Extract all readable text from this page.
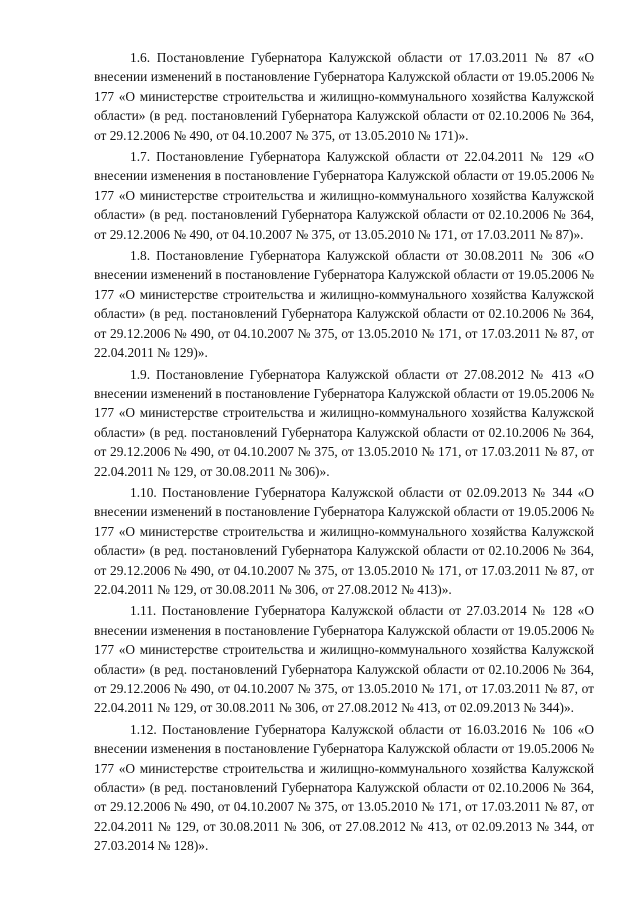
1.6. Постановление Губернатора Калужской области от 17.03.2011 № 87 «О внесении изменений в постановление Губернатора Калужской области от 19.05.2006 № 177 «О министерстве строительства и жилищно-коммунального хозяйства Калужской области» (в ред. постановлений Губернатора Калужской области от 02.10.2006 № 364, от 29.12.2006 № 490, от 04.10.2007 № 375, от 13.05.2010 № 171)».

1.7. Постановление Губернатора Калужской области от 22.04.2011 № 129 «О внесении изменения в постановление Губернатора Калужской области от 19.05.2006 № 177 «О министерстве строительства и жилищно-коммунального хозяйства Калужской области» (в ред. постановлений Губернатора Калужской области от 02.10.2006 № 364, от 29.12.2006 № 490, от 04.10.2007 № 375, от 13.05.2010 № 171, от 17.03.2011 № 87)».

1.8. Постановление Губернатора Калужской области от 30.08.2011 № 306 «О внесении изменений в постановление Губернатора Калужской области от 19.05.2006 № 177 «О министерстве строительства и жилищно-коммунального хозяйства Калужской области» (в ред. постановлений Губернатора Калужской области от 02.10.2006 № 364, от 29.12.2006 № 490, от 04.10.2007 № 375, от 13.05.2010 № 171, от 17.03.2011 № 87, от 22.04.2011 № 129)».

1.9. Постановление Губернатора Калужской области от 27.08.2012 № 413 «О внесении изменений в постановление Губернатора Калужской области от 19.05.2006 № 177 «О министерстве строительства и жилищно-коммунального хозяйства Калужской области» (в ред. постановлений Губернатора Калужской области от 02.10.2006 № 364, от 29.12.2006 № 490, от 04.10.2007 № 375, от 13.05.2010 № 171, от 17.03.2011 № 87, от 22.04.2011 № 129, от 30.08.2011 № 306)».

1.10. Постановление Губернатора Калужской области от 02.09.2013 № 344 «О внесении изменений в постановление Губернатора Калужской области от 19.05.2006 № 177 «О министерстве строительства и жилищно-коммунального хозяйства Калужской области» (в ред. постановлений Губернатора Калужской области от 02.10.2006 № 364, от 29.12.2006 № 490, от 04.10.2007 № 375, от 13.05.2010 № 171, от 17.03.2011 № 87, от 22.04.2011 № 129, от 30.08.2011 № 306, от 27.08.2012 № 413)».

1.11. Постановление Губернатора Калужской области от 27.03.2014 № 128 «О внесении изменения в постановление Губернатора Калужской области от 19.05.2006 № 177 «О министерстве строительства и жилищно-коммунального хозяйства Калужской области» (в ред. постановлений Губернатора Калужской области от 02.10.2006 № 364, от 29.12.2006 № 490, от 04.10.2007 № 375, от 13.05.2010 № 171, от 17.03.2011 № 87, от 22.04.2011 № 129, от 30.08.2011 № 306, от 27.08.2012 № 413, от 02.09.2013 № 344)».

1.12. Постановление Губернатора Калужской области от 16.03.2016 № 106 «О внесении изменения в постановление Губернатора Калужской области от 19.05.2006 № 177 «О министерстве строительства и жилищно-коммунального хозяйства Калужской области» (в ред. постановлений Губернатора Калужской области от 02.10.2006 № 364, от 29.12.2006 № 490, от 04.10.2007 № 375, от 13.05.2010 № 171, от 17.03.2011 № 87, от 22.04.2011 № 129, от 30.08.2011 № 306, от 27.08.2012 № 413, от 02.09.2013 № 344, от 27.03.2014 № 128)».
